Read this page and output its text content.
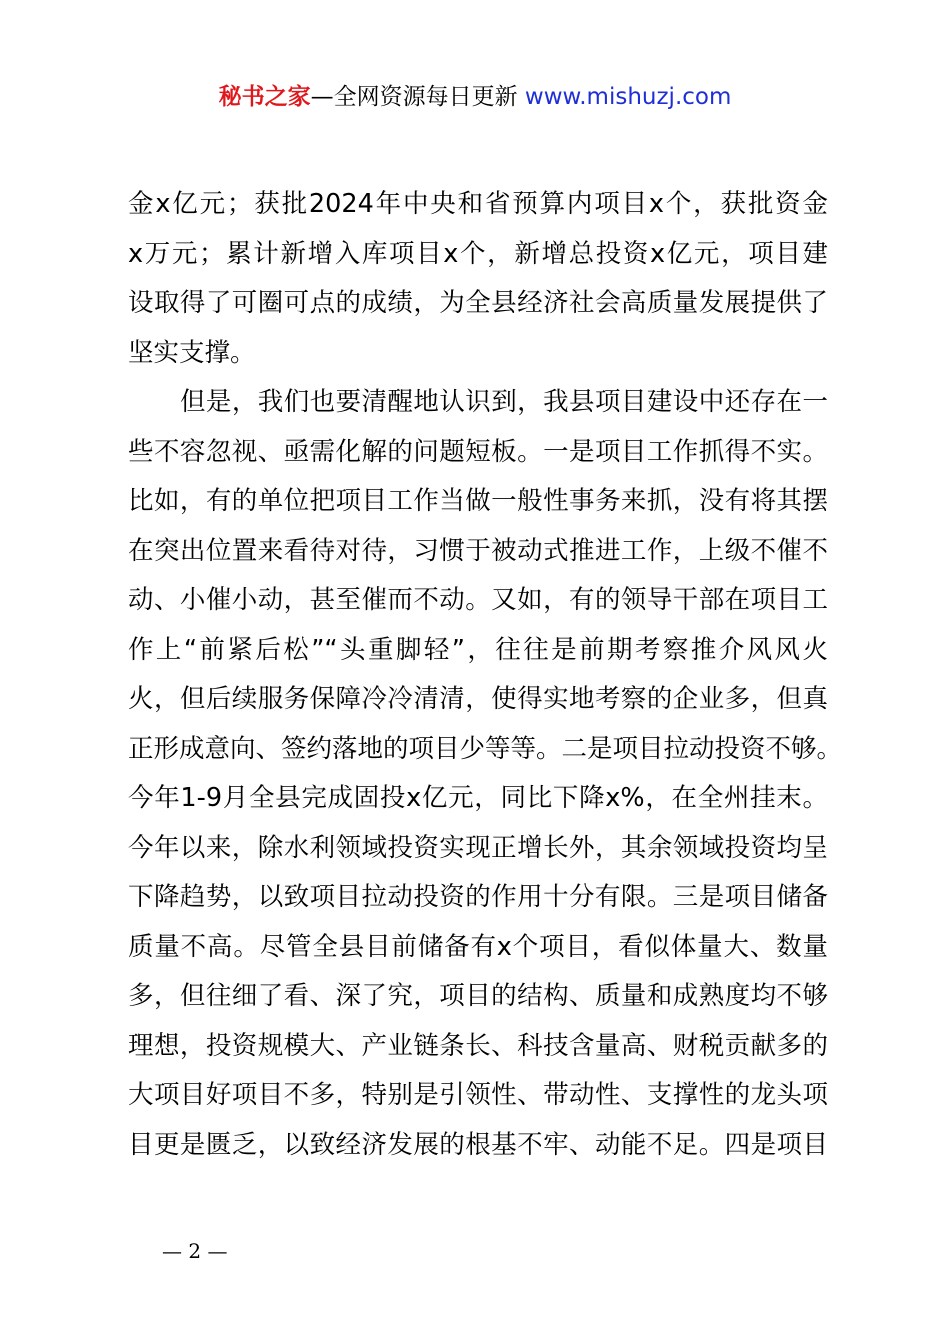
秘书之家—全网资源每日更新 www.mishuzj.com
金x亿元；获批2024年中央和省预算内项目x个，获批资金
x万元；累计新增入库项目x个，新增总投资x亿元，项目建
设取得了可圈可点的成绩，为全县经济社会高质量发展提供了
坚实支撑。
但是，我们也要清醒地认识到，我县项目建设中还存在一
些不容忽视、亟需化解的问题短板。一是项目工作抓得不实。
比如，有的单位把项目工作当做一般性事务来抓，没有将其摆
在突出位置来看待对待，习惯于被动式推进工作，上级不催不
动、小催小动，甚至催而不动。又如，有的领导干部在项目工
作上“前紧后松”“头重脚轻”，往往是前期考察推介风风火
火，但后续服务保障冷冷清清，使得实地考察的企业多，但真
正形成意向、签约落地的项目少等等。二是项目拉动投资不够。
今年1-9月全县完成固投x亿元，同比下降x%，在全州挂末。
今年以来，除水利领域投资实现正增长外，其余领域投资均呈
下降趋势，以致项目拉动投资的作用十分有限。三是项目储备
质量不高。尽管全县目前储备有x个项目，看似体量大、数量
多，但往细了看、深了究，项目的结构、质量和成熟度均不够
理想，投资规模大、产业链条长、科技含量高、财税贡献多的
大项目好项目不多，特别是引领性、带动性、支撑性的龙头项
目更是匮乏，以致经济发展的根基不牢、动能不足。四是项目
— 2 —
